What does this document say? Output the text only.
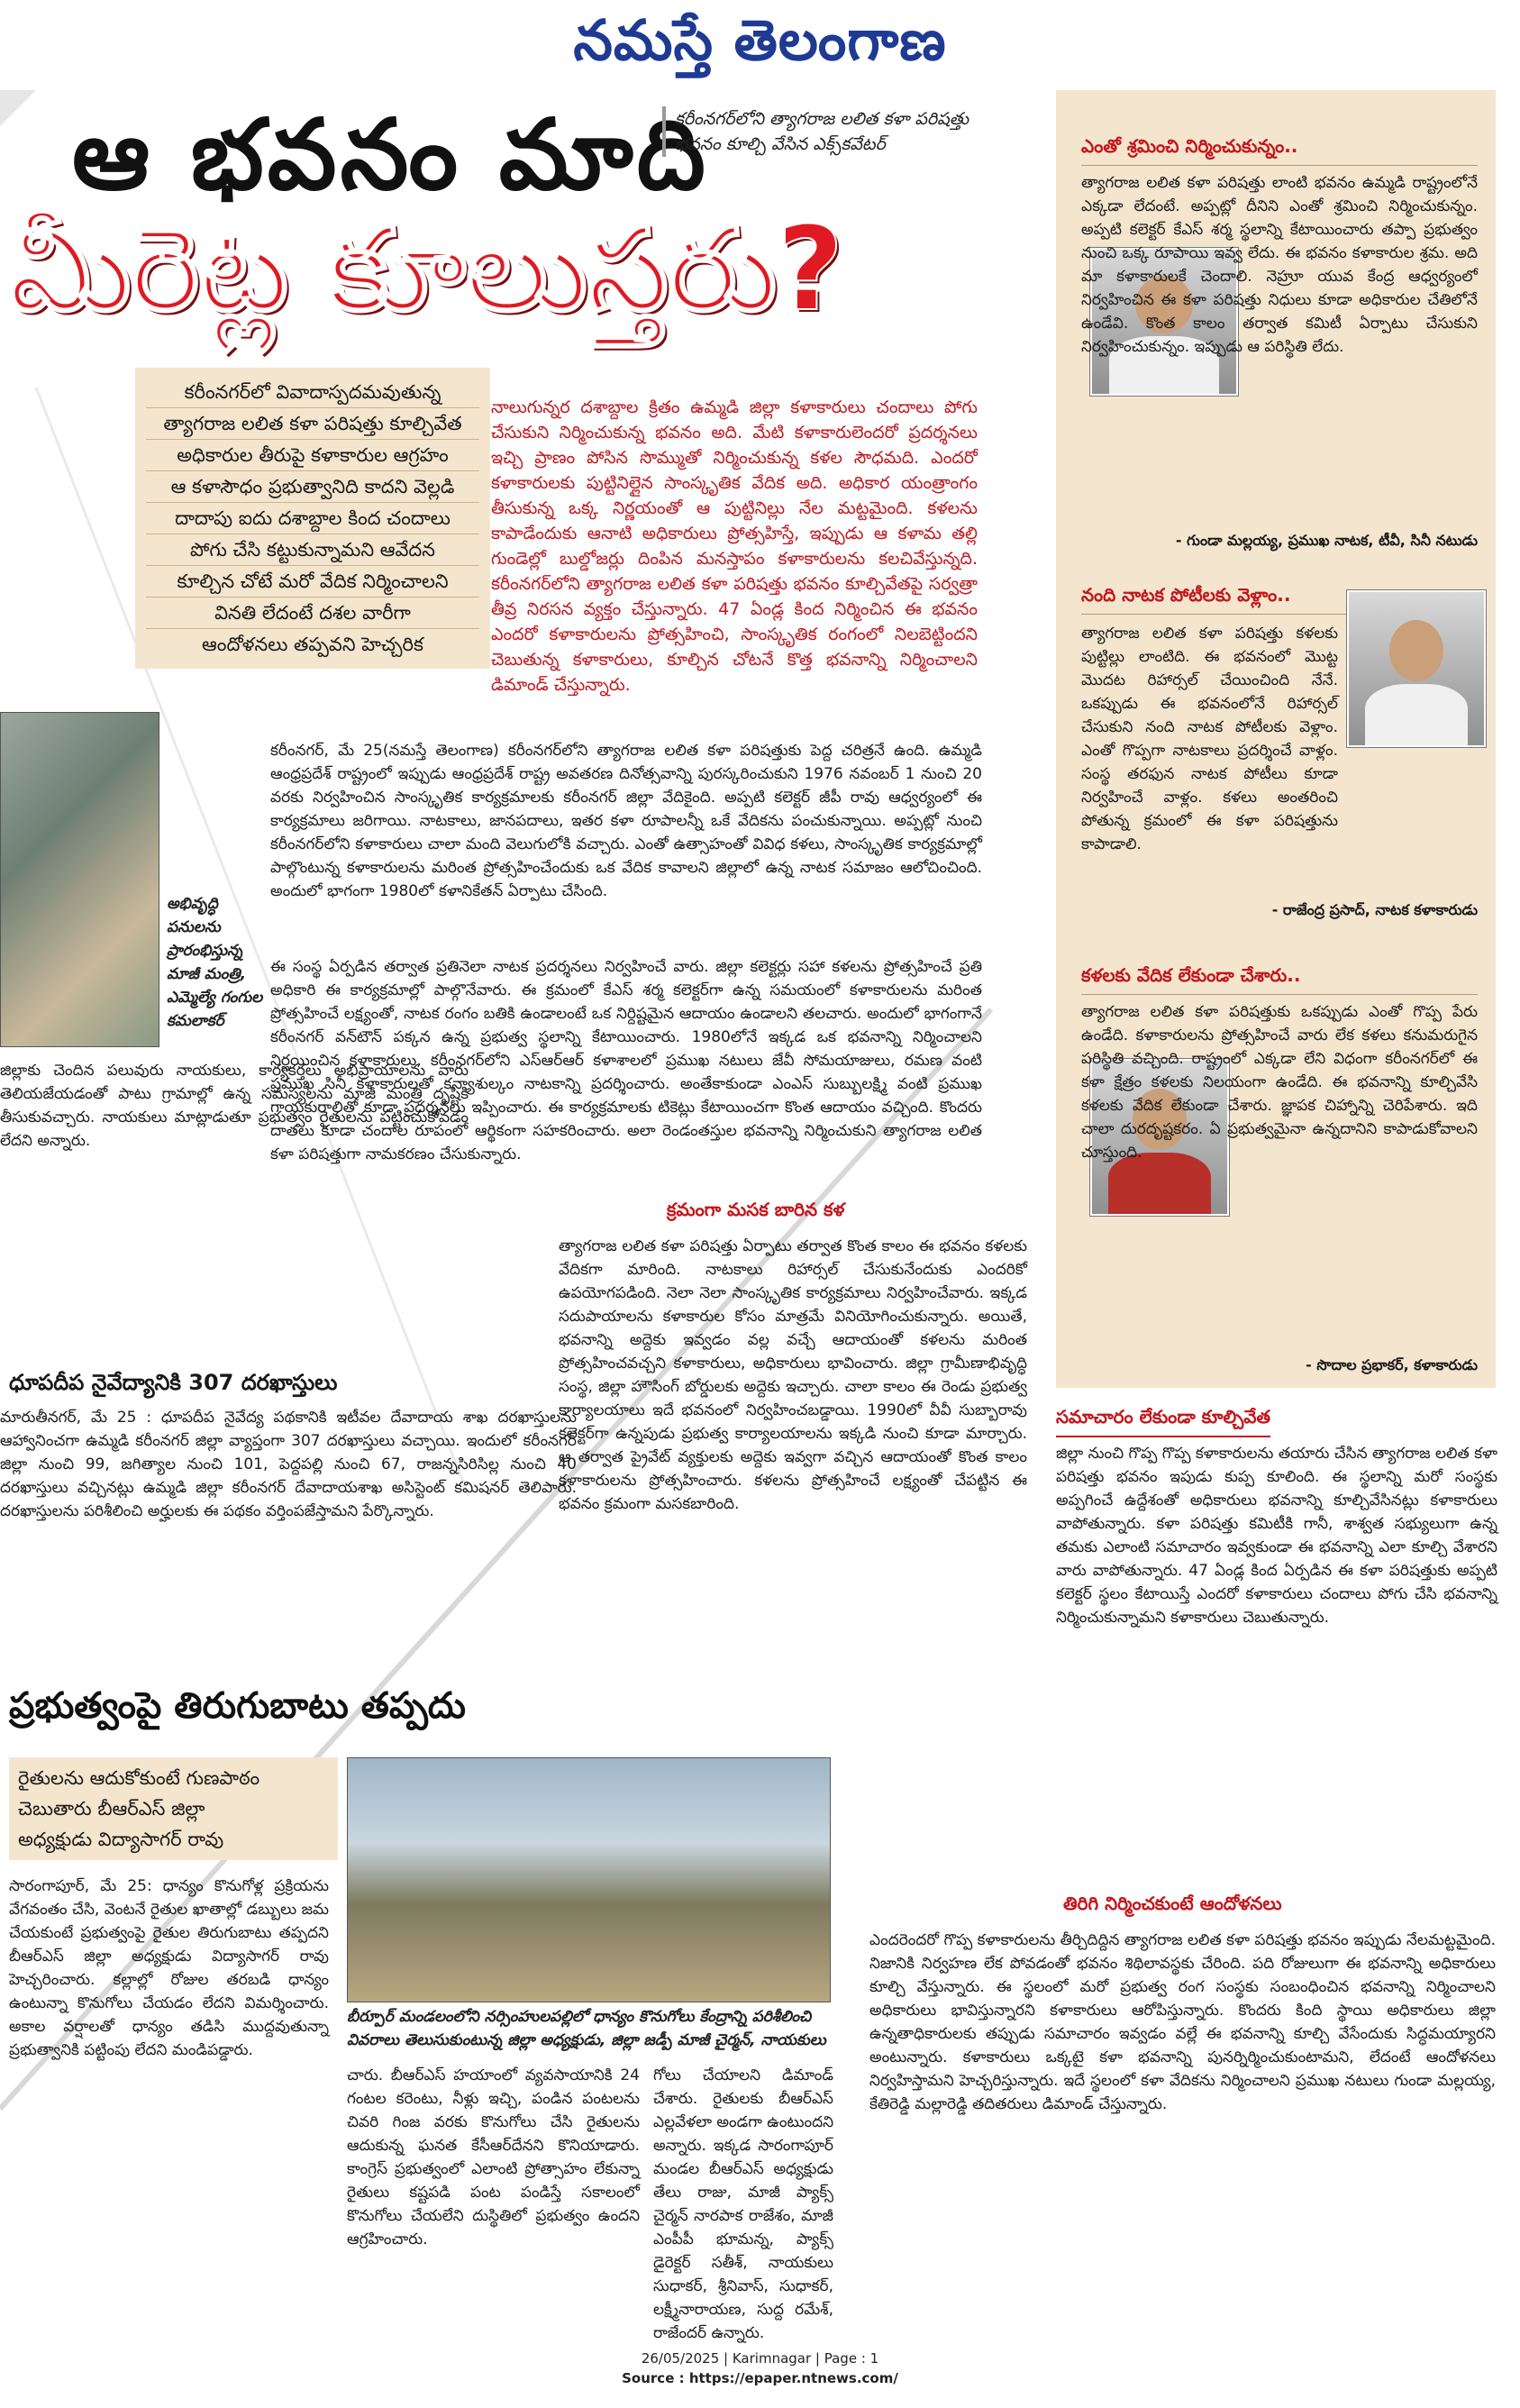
నమస్తే తెలంగాణ
ఆ భవనం మాది
మీరెట్ల కూలుస్తరు?
కరీంనగర్‌లోని త్యాగరాజ లలిత కళా పరిషత్తు భవనం కూల్చి వేసిన ఎక్స్‌కవేటర్
కరీంనగర్‌లో వివాదాస్పదమవుతున్న
త్యాగరాజ లలిత కళా పరిషత్తు కూల్చివేత
అధికారుల తీరుపై కళాకారుల ఆగ్రహం
ఆ కళాసౌధం ప్రభుత్వానిది కాదని వెల్లడి
దాదాపు ఐదు దశాబ్దాల కింద చందాలు
పోగు చేసి కట్టుకున్నామని ఆవేదన
కూల్చిన చోటే మరో వేదిక నిర్మించాలని
వినతి లేదంటే దశల వారీగా
ఆందోళనలు తప్పవని హెచ్చరిక
నాలుగున్నర దశాబ్దాల క్రితం ఉమ్మడి జిల్లా కళాకారులు చందాలు పోగు చేసుకుని నిర్మించుకున్న భవనం అది. మేటి కళాకారులెందరో ప్రదర్శనలు ఇచ్చి ప్రాణం పోసిన సొమ్ముతో నిర్మించుకున్న కళల సౌధమది. ఎందరో కళాకారులకు పుట్టినిల్లైన సాంస్కృతిక వేదిక అది. అధికార యంత్రాంగం తీసుకున్న ఒక్క నిర్ణయంతో ఆ పుట్టినిల్లు నేల మట్టమైంది. కళలను కాపాడేందుకు ఆనాటి అధికారులు ప్రోత్సహిస్తే, ఇప్పుడు ఆ కళామ తల్లి గుండెల్లో బుల్డోజర్లు దింపిన మనస్తాపం కళాకారులను కలచివేస్తున్నది. కరీంనగర్‌లోని త్యాగరాజ లలిత కళా పరిషత్తు భవనం కూల్చివేతపై సర్వత్రా తీవ్ర నిరసన వ్యక్తం చేస్తున్నారు. 47 ఏండ్ల కింద నిర్మించిన ఈ భవనం ఎందరో కళాకారులను ప్రోత్సహించి, సాంస్కృతిక రంగంలో నిలబెట్టిందని చెబుతున్న కళాకారులు, కూల్చిన చోటనే కొత్త భవనాన్ని నిర్మించాలని డిమాండ్ చేస్తున్నారు.
అభివృద్ధి పనులను ప్రారంభిస్తున్న మాజీ మంత్రి, ఎమ్మెల్యే గంగుల కమలాకర్
కరీంనగర్, మే 25(నమస్తే తెలంగాణ) కరీంనగర్‌లోని త్యాగరాజ లలిత కళా పరిషత్తుకు పెద్ద చరిత్రనే ఉంది. ఉమ్మడి ఆంధ్రప్రదేశ్ రాష్ట్రంలో ఇప్పుడు ఆంధ్రప్రదేశ్ రాష్ట్ర అవతరణ దినోత్సవాన్ని పురస్కరించుకుని 1976 నవంబర్ 1 నుంచి 20 వరకు నిర్వహించిన సాంస్కృతిక కార్యక్రమాలకు కరీంనగర్ జిల్లా వేదికైంది. అప్పటి కలెక్టర్ జీపీ రావు ఆధ్వర్యంలో ఈ కార్యక్రమాలు జరిగాయి. నాటకాలు, జానపదాలు, ఇతర కళా రూపాలన్నీ ఒకే వేదికను పంచుకున్నాయి. అప్పట్లో నుంచి కరీంనగర్‌లోని కళాకారులు చాలా మంది వెలుగులోకి వచ్చారు. ఎంతో ఉత్సాహంతో వివిధ కళలు, సాంస్కృతిక కార్యక్రమాల్లో పాల్గొంటున్న కళాకారులను మరింత ప్రోత్సహించేందుకు ఒక వేదిక కావాలని జిల్లాలో ఉన్న నాటక సమాజం ఆలోచించింది. అందులో భాగంగా 1980లో కళానికేతన్ ఏర్పాటు చేసింది.
ఈ సంస్థ ఏర్పడిన తర్వాత ప్రతినెలా నాటక ప్రదర్శనలు నిర్వహించే వారు. జిల్లా కలెక్టర్లు సహా కళలను ప్రోత్సహించే ప్రతి అధికారి ఈ కార్యక్రమాల్లో పాల్గొనేవారు. ఈ క్రమంలో కేఎస్ శర్మ కలెక్టర్‌గా ఉన్న సమయంలో కళాకారులను మరింత ప్రోత్సహించే లక్ష్యంతో, నాటక రంగం బతికి ఉండాలంటే ఒక నిర్దిష్టమైన ఆదాయం ఉండాలని తలచారు. అందులో భాగంగానే కరీంనగర్ వన్‌టౌన్ పక్కన ఉన్న ప్రభుత్వ స్థలాన్ని కేటాయించారు. 1980లోనే ఇక్కడ ఒక భవనాన్ని నిర్మించాలని నిర్ణయించిన కళాకారులు, కరీంనగర్‌లోని ఎస్ఆర్ఆర్ కళాశాలలో ప్రముఖ నటులు జేవీ సోమయాజులు, రమణ వంటి ప్రముఖ సినీ కళాకారులతో కన్యాశుల్కం నాటకాన్ని ప్రదర్శించారు. అంతేకాకుండా ఎంఎస్ సుబ్బులక్ష్మి వంటి ప్రముఖ గాయకురాలితో కూడా ప్రదర్శనలు ఇప్పించారు. ఈ కార్యక్రమాలకు టికెట్లు కేటాయించగా కొంత ఆదాయం వచ్చింది. కొందరు దాతలు కూడా చందాల రూపంలో ఆర్థికంగా సహకరించారు. అలా రెండంతస్తుల భవనాన్ని నిర్మించుకుని త్యాగరాజ లలిత కళా పరిషత్తుగా నామకరణం చేసుకున్నారు.
క్రమంగా మసక బారిన కళ
త్యాగరాజ లలిత కళా పరిషత్తు ఏర్పాటు తర్వాత కొంత కాలం ఈ భవనం కళలకు వేదికగా మారింది. నాటకాలు రిహార్సల్ చేసుకునేందుకు ఎందరికో ఉపయోగపడింది. నెలా నెలా సాంస్కృతిక కార్యక్రమాలు నిర్వహించేవారు. ఇక్కడ సదుపాయాలను కళాకారుల కోసం మాత్రమే వినియోగించుకున్నారు. అయితే, భవనాన్ని అద్దెకు ఇవ్వడం వల్ల వచ్చే ఆదాయంతో కళలను మరింత ప్రోత్సహించవచ్చని కళాకారులు, అధికారులు భావించారు. జిల్లా గ్రామీణాభివృద్ధి సంస్థ, జిల్లా హౌసింగ్ బోర్డులకు అద్దెకు ఇచ్చారు. చాలా కాలం ఈ రెండు ప్రభుత్వ కార్యాలయాలు ఇదే భవనంలో నిర్వహించబడ్డాయి. 1990లో వీవీ సుబ్బారావు కలెక్టర్‌గా ఉన్నపుడు ప్రభుత్వ కార్యాలయాలను ఇక్కడి నుంచి కూడా మార్చారు. ఆ తర్వాత ప్రైవేట్ వ్యక్తులకు అద్దెకు ఇవ్వగా వచ్చిన ఆదాయంతో కొంత కాలం కళాకారులను ప్రోత్సహించారు. కళలను ప్రోత్సహించే లక్ష్యంతో చేపట్టిన ఈ భవనం క్రమంగా మసకబారింది.
జిల్లాకు చెందిన పలువురు నాయకులు, కార్యకర్తలు అభిప్రాయాలను వారు తెలియజేయడంతో పాటు గ్రామాల్లో ఉన్న సమస్యలను మాజీ మంత్రి దృష్టికి తీసుకువచ్చారు. నాయకులు మాట్లాడుతూ ప్రభుత్వం రైతులను పట్టించుకోవడం లేదని అన్నారు.
ధూపదీప నైవేద్యానికి 307 దరఖాస్తులు
మారుతీనగర్, మే 25 : ధూపదీప నైవేద్య పథకానికి ఇటీవల దేవాదాయ శాఖ దరఖాస్తులను ఆహ్వానించగా ఉమ్మడి కరీంనగర్ జిల్లా వ్యాప్తంగా 307 దరఖాస్తులు వచ్చాయి. ఇందులో కరీంనగర్ జిల్లా నుంచి 99, జగిత్యాల నుంచి 101, పెద్దపల్లి నుంచి 67, రాజన్నసిరిసిల్ల నుంచి 40 దరఖాస్తులు వచ్చినట్లు ఉమ్మడి జిల్లా కరీంనగర్ దేవాదాయశాఖ అసిస్టెంట్ కమిషనర్ తెలిపారు. దరఖాస్తులను పరిశీలించి అర్హులకు ఈ పథకం వర్తింపజేస్తామని పేర్కొన్నారు.
ప్రభుత్వంపై తిరుగుబాటు తప్పదు
రైతులను ఆదుకోకుంటే గుణపాఠం
చెబుతారు బీఆర్ఎస్ జిల్లా
అధ్యక్షుడు విద్యాసాగర్ రావు
సారంగాపూర్, మే 25: ధాన్యం కొనుగోళ్ల ప్రక్రియను వేగవంతం చేసి, వెంటనే రైతుల ఖాతాల్లో డబ్బులు జమ చేయకుంటే ప్రభుత్వంపై రైతుల తిరుగుబాటు తప్పదని బీఆర్ఎస్ జిల్లా అధ్యక్షుడు విద్యాసాగర్ రావు హెచ్చరించారు. కల్లాల్లో రోజుల తరబడి ధాన్యం ఉంటున్నా కొనుగోలు చేయడం లేదని విమర్శించారు. అకాల వర్షాలతో ధాన్యం తడిసి ముద్దవుతున్నా ప్రభుత్వానికి పట్టింపు లేదని మండిపడ్డారు.
బీర్పూర్ మండలంలోని నర్సింహులపల్లిలో ధాన్యం కొనుగోలు కేంద్రాన్ని పరిశీలించి వివరాలు తెలుసుకుంటున్న జిల్లా అధ్యక్షుడు, జిల్లా జడ్పీ మాజీ చైర్మన్, నాయకులు
చారు. బీఆర్ఎస్ హయాంలో వ్యవసాయానికి 24 గంటల కరెంటు, నీళ్లు ఇచ్చి, పండిన పంటలను చివరి గింజ వరకు కొనుగోలు చేసి రైతులను ఆదుకున్న ఘనత కేసీఆర్‌దేనని కొనియాడారు. కాంగ్రెస్ ప్రభుత్వంలో ఎలాంటి ప్రోత్సాహం లేకున్నా రైతులు కష్టపడి పంట పండిస్తే సకాలంలో కొనుగోలు చేయలేని దుస్థితిలో ప్రభుత్వం ఉందని ఆగ్రహించారు.
గోలు చేయాలని డిమాండ్ చేశారు. రైతులకు బీఆర్ఎస్ ఎల్లవేళలా అండగా ఉంటుందని అన్నారు. ఇక్కడ సారంగాపూర్ మండల బీఆర్ఎస్ అధ్యక్షుడు తేలు రాజు, మాజీ ప్యాక్స్ చైర్మన్ నారపాక రాజేశం, మాజీ ఎంపీపీ భూమన్న, ప్యాక్స్ డైరెక్టర్ సతీశ్, నాయకులు సుధాకర్, శ్రీనివాస్, సుధాకర్, లక్ష్మీనారాయణ, సుద్ద రమేశ్, రాజేందర్ ఉన్నారు.
ఎంతో శ్రమించి నిర్మించుకున్నం..
త్యాగరాజ లలిత కళా పరిషత్తు లాంటి భవనం ఉమ్మడి రాష్ట్రంలోనే ఎక్కడా లేదంటే. అప్పట్లో దీనిని ఎంతో శ్రమించి నిర్మించుకున్నం. అప్పటి కలెక్టర్ కేఎస్ శర్మ స్థలాన్ని కేటాయించారు తప్పా ప్రభుత్వం నుంచి ఒక్క రూపాయి ఇవ్వ లేదు. ఈ భవనం కళాకారుల శ్రమ. అది మా కళాకారులకే చెందాలి. నెహ్రూ యువ కేంద్ర ఆధ్వర్యంలో నిర్వహించిన ఈ కళా పరిషత్తు నిధులు కూడా అధికారుల చేతిలోనే ఉండేవి. కొంత కాలం తర్వాత కమిటీ ఏర్పాటు చేసుకుని నిర్వహించుకున్నం. ఇప్పుడు ఆ పరిస్థితి లేదు.
- గుండా మల్లయ్య, ప్రముఖ నాటక, టీవీ, సినీ నటుడు
నంది నాటక పోటీలకు వెళ్లాం..
త్యాగరాజ లలిత కళా పరిషత్తు కళలకు పుట్టిల్లు లాంటిది. ఈ భవనంలో మొట్ట మొదట రిహార్సల్ చేయించింది నేనే. ఒకప్పుడు ఈ భవనంలోనే రిహార్సల్ చేసుకుని నంది నాటక పోటీలకు వెళ్లాం. ఎంతో గొప్పగా నాటకాలు ప్రదర్శించే వాళ్లం. సంస్థ తరఫున నాటక పోటీలు కూడా నిర్వహించే వాళ్లం. కళలు అంతరించి పోతున్న క్రమంలో ఈ కళా పరిషత్తును కాపాడాలి.
- రాజేంద్ర ప్రసాద్, నాటక కళాకారుడు
కళలకు వేదిక లేకుండా చేశారు..
త్యాగరాజ లలిత కళా పరిషత్తుకు ఒకప్పుడు ఎంతో గొప్ప పేరు ఉండేది. కళాకారులను ప్రోత్సహించే వారు లేక కళలు కనుమరుగైన పరిస్థితి వచ్చింది. రాష్ట్రంలో ఎక్కడా లేని విధంగా కరీంనగర్‌లో ఈ కళా క్షేత్రం కళలకు నిలయంగా ఉండేది. ఈ భవనాన్ని కూల్చివేసి కళలకు వేదిక లేకుండా చేశారు. జ్ఞాపక చిహ్నాన్ని చెరిపేశారు. ఇది చాలా దురదృష్టకరం. ఏ ప్రభుత్వమైనా ఉన్నదానిని కాపాడుకోవాలని చూస్తుంది.
- సొదాల ప్రభాకర్, కళాకారుడు
సమాచారం లేకుండా కూల్చివేత
జిల్లా నుంచి గొప్ప గొప్ప కళాకారులను తయారు చేసిన త్యాగరాజ లలిత కళా పరిషత్తు భవనం ఇపుడు కుప్ప కూలింది. ఈ స్థలాన్ని మరో సంస్థకు అప్పగించే ఉద్దేశంతో అధికారులు భవనాన్ని కూల్చివేసినట్లు కళాకారులు వాపోతున్నారు. కళా పరిషత్తు కమిటీకి గానీ, శాశ్వత సభ్యులుగా ఉన్న తమకు ఎలాంటి సమాచారం ఇవ్వకుండా ఈ భవనాన్ని ఎలా కూల్చి వేశారని వారు వాపోతున్నారు. 47 ఏండ్ల కింద ఏర్పడిన ఈ కళా పరిషత్తుకు అప్పటి కలెక్టర్ స్థలం కేటాయిస్తే ఎందరో కళాకారులు చందాలు పోగు చేసి భవనాన్ని నిర్మించుకున్నామని కళాకారులు చెబుతున్నారు.
తిరిగి నిర్మించకుంటే ఆందోళనలు
ఎందరెందరో గొప్ప కళాకారులను తీర్చిదిద్దిన త్యాగరాజ లలిత కళా పరిషత్తు భవనం ఇప్పుడు నేలమట్టమైంది. నిజానికి నిర్వహణ లేక పోవడంతో భవనం శిథిలావస్థకు చేరింది. పది రోజులుగా ఈ భవనాన్ని అధికారులు కూల్చి వేస్తున్నారు. ఈ స్థలంలో మరో ప్రభుత్వ రంగ సంస్థకు సంబంధించిన భవనాన్ని నిర్మించాలని అధికారులు భావిస్తున్నారని కళాకారులు ఆరోపిస్తున్నారు. కొందరు కింది స్థాయి అధికారులు జిల్లా ఉన్నతాధికారులకు తప్పుడు సమాచారం ఇవ్వడం వల్లే ఈ భవనాన్ని కూల్చి వేసేందుకు సిద్ధమయ్యారని అంటున్నారు. కళాకారులు ఒక్కటై కళా భవనాన్ని పునర్నిర్మించుకుంటామని, లేదంటే ఆందోళనలు నిర్వహిస్తామని హెచ్చరిస్తున్నారు. ఇదే స్థలంలో కళా వేదికను నిర్మించాలని ప్రముఖ నటులు గుండా మల్లయ్య, కేతిరెడ్డి మల్లారెడ్డి తదితరులు డిమాండ్ చేస్తున్నారు.
26/05/2025 | Karimnagar | Page : 1
Source : https://epaper.ntnews.com/
